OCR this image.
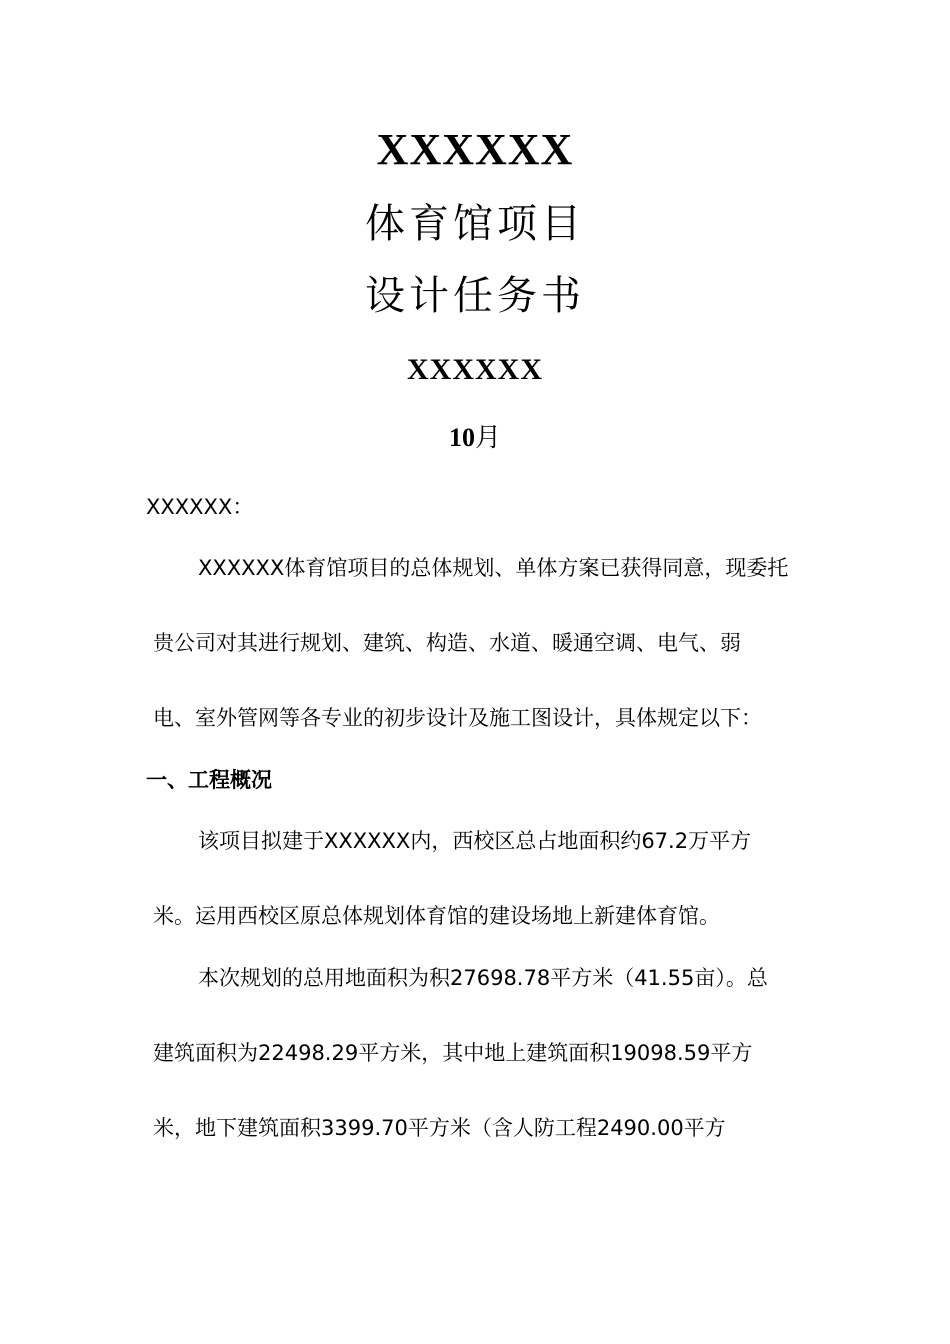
XXXXXX
体育馆项目
设计任务书
XXXXXX
10月
XXXXXX：
XXXXXX体育馆项目的总体规划、单体方案已获得同意，现委托
贵公司对其进行规划、建筑、构造、水道、暖通空调、电气、弱
电、室外管网等各专业的初步设计及施工图设计，具体规定以下：
一、工程概况
该项目拟建于XXXXXX内，西校区总占地面积约67.2万平方
米。运用西校区原总体规划体育馆的建设场地上新建体育馆。
本次规划的总用地面积为积27698.78平方米（41.55亩）。总
建筑面积为22498.29平方米，其中地上建筑面积19098.59平方
米，地下建筑面积3399.70平方米（含人防工程2490.00平方
